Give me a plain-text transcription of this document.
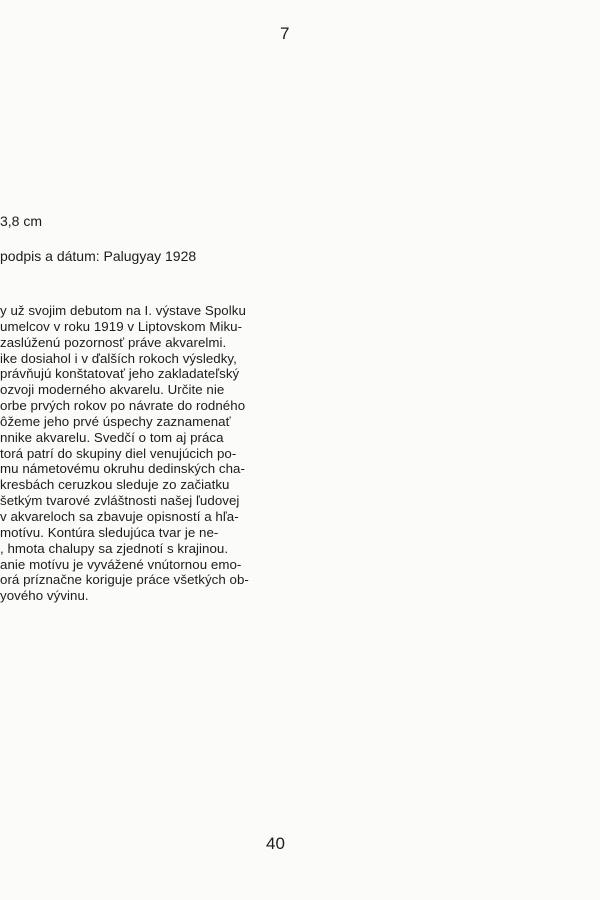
7
3,8 cm
podpis a dátum: Palugyay 1928
y už svojim debutom na I. výstave Spolku
umelcov v roku 1919 v Liptovskom Miku-
zaslúženú pozornosť práve akvarelmi.
ike dosiahol i v ďalších rokoch výsledky,
právňujú konštatovať jeho zakladateľský
ozvoji moderného akvarelu. Určite nie
orbe prvých rokov po návrate do rodného
ôžeme jeho prvé úspechy zaznamenať
nnike akvarelu. Svedčí o tom aj práca
torá patrí do skupiny diel venujúcich po-
mu námetovému okruhu dedinských cha-
kresbách ceruzkou sleduje zo začiatku
šetkým tvarové zvláštnosti našej ľudovej
v akvareloch sa zbavuje opisností a hľa-
motívu. Kontúra sledujúca tvar je ne-
, hmota chalupy sa zjednotí s krajinou.
anie motívu je vyvážené vnútornou emo-
orá príznačne koriguje práce všetkých ob-
yového vývinu.
40
